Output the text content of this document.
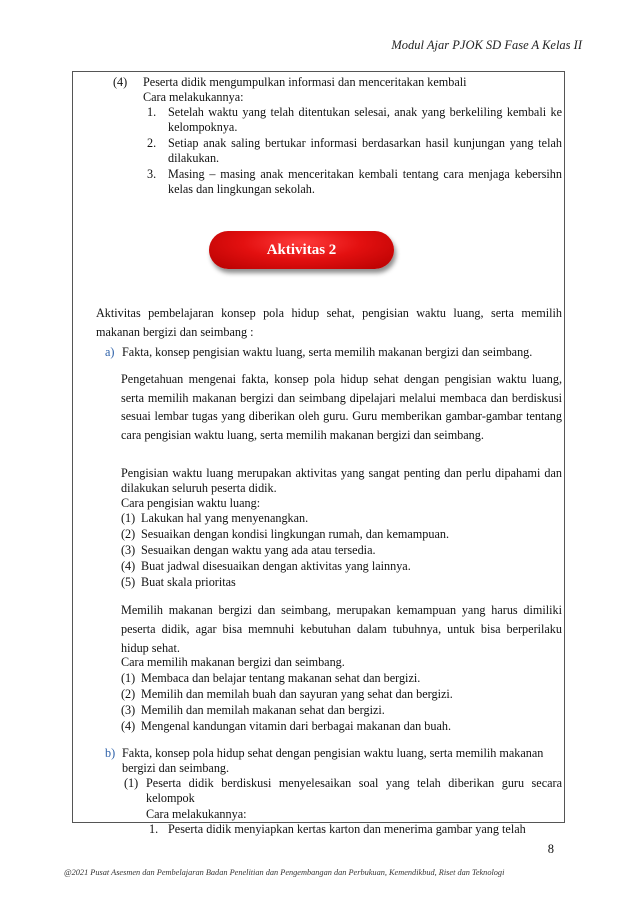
Modul Ajar PJOK SD Fase A Kelas II
(4) Peserta didik mengumpulkan informasi dan menceritakan kembali
Cara melakukannya:
1. Setelah waktu yang telah ditentukan selesai, anak yang berkeliling kembali ke kelompoknya.
2. Setiap anak saling bertukar informasi berdasarkan hasil kunjungan yang telah dilakukan.
3. Masing – masing anak menceritakan kembali tentang cara menjaga kebersihn kelas dan lingkungan sekolah.
Aktivitas 2
Aktivitas pembelajaran konsep pola hidup sehat, pengisian waktu luang, serta memilih makanan bergizi dan seimbang :
a) Fakta, konsep pengisian waktu luang, serta memilih makanan bergizi dan seimbang.
Pengetahuan mengenai fakta, konsep pola hidup sehat dengan pengisian waktu luang, serta memilih makanan bergizi dan seimbang dipelajari melalui membaca dan berdiskusi sesuai lembar tugas yang diberikan oleh guru. Guru memberikan gambar-gambar tentang cara pengisian waktu luang, serta memilih makanan bergizi dan seimbang.
Pengisian waktu luang merupakan aktivitas yang sangat penting dan perlu dipahami dan dilakukan seluruh peserta didik.
Cara pengisian waktu luang:
(1) Lakukan hal yang menyenangkan.
(2) Sesuaikan dengan kondisi lingkungan rumah, dan kemampuan.
(3) Sesuaikan dengan waktu yang ada atau tersedia.
(4) Buat jadwal disesuaikan dengan aktivitas yang lainnya.
(5) Buat skala prioritas
Memilih makanan bergizi dan seimbang, merupakan kemampuan yang harus dimiliki peserta didik, agar bisa memnuhi kebutuhan dalam tubuhnya, untuk bisa berperilaku hidup sehat.
Cara memilih makanan bergizi dan seimbang.
(1) Membaca dan belajar tentang makanan sehat dan bergizi.
(2) Memilih dan memilah buah dan sayuran yang sehat dan bergizi.
(3) Memilih dan memilah makanan sehat dan bergizi.
(4) Mengenal kandungan vitamin dari berbagai makanan dan buah.
b) Fakta, konsep pola hidup sehat dengan pengisian waktu luang, serta memilih makanan bergizi dan seimbang.
(1) Peserta didik berdiskusi menyelesaikan soal yang telah diberikan guru secara kelompok
Cara melakukannya:
1. Peserta didik menyiapkan kertas karton dan menerima gambar yang telah
8
@2021 Pusat Asesmen dan Pembelajaran Badan Penelitian dan Pengembangan dan Perbukuan, Kemendikbud, Riset dan Teknologi
